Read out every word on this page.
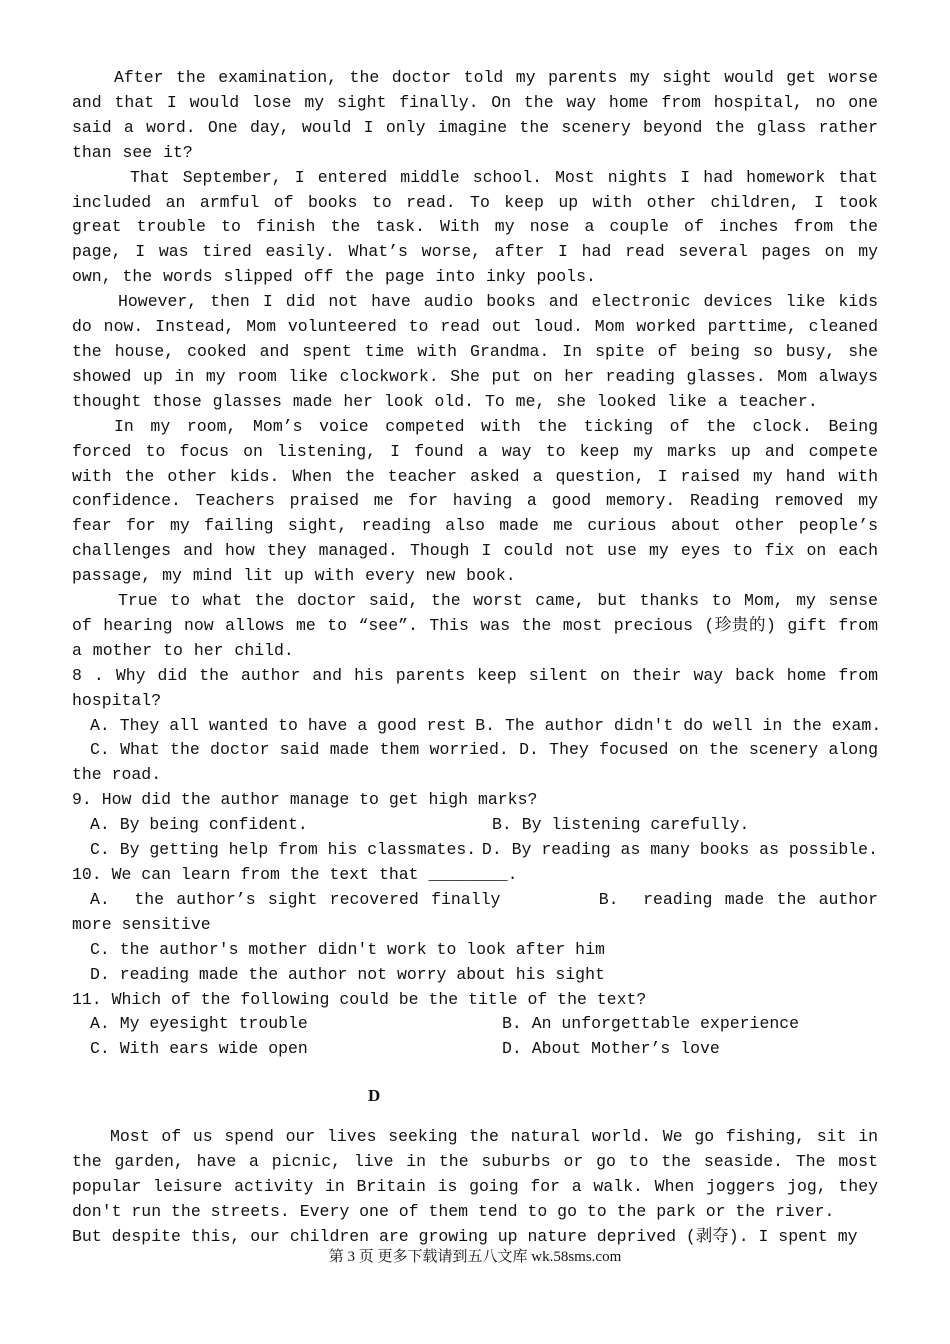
After the examination, the doctor told my parents my sight would get worse and that I would lose my sight finally. On the way home from hospital, no one said a word. One day, would I only imagine the scenery beyond the glass rather than see it?

That September, I entered middle school. Most nights I had homework that included an armful of books to read. To keep up with other children, I took great trouble to finish the task. With my nose a couple of inches from the page, I was tired easily. What’s worse, after I had read several pages on my own, the words slipped off the page into inky pools.

However, then I did not have audio books and electronic devices like kids do now. Instead, Mom volunteered to read out loud. Mom worked parttime, cleaned the house, cooked and spent time with Grandma. In spite of being so busy, she showed up in my room like clockwork. She put on her reading glasses. Mom always thought those glasses made her look old. To me, she looked like a teacher.

In my room, Mom’s voice competed with the ticking of the clock. Being forced to focus on listening, I found a way to keep my marks up and compete with the other kids. When the teacher asked a question, I raised my hand with confidence. Teachers praised me for having a good memory. Reading removed my fear for my failing sight, reading also made me curious about other people’s challenges and how they managed. Though I could not use my eyes to fix on each passage, my mind lit up with every new book.

True to what the doctor said, the worst came, but thanks to Mom, my sense of hearing now allows me to “see”. This was the most precious (珍贵的) gift from a mother to her child.

8 . Why did the author and his parents keep silent on their way back home from hospital?

A. They all wanted to have a good rest B. The author didn't do well in the exam.

C. What the doctor said made them worried. D. They focused on the scenery along the road.

9. How did the author manage to get high marks?

A. By being confident.	B. By listening carefully.
C. By getting help from his classmates. D. By reading as many books as possible.

10. We can learn from the text that ________.

A.  the author’s sight recovered finally        B.  reading made the author more sensitive

C. the author's mother didn't work to look after him

D. reading made the author not worry about his sight

11. Which of the following could be the title of the text?

A. My eyesight trouble	B. An unforgettable experience
C. With ears wide open	D. About Mother’s love

D

Most of us spend our lives seeking the natural world. We go fishing, sit in the garden, have a picnic, live in the suburbs or go to the seaside. The most popular leisure activity in Britain is going for a walk. When joggers jog, they don't run the streets. Every one of them tend to go to the park or the river.

But despite this, our children are growing up nature deprived (剥夺). I spent my

第 3 页 更多下载请到五八文库 wk.58sms.com
